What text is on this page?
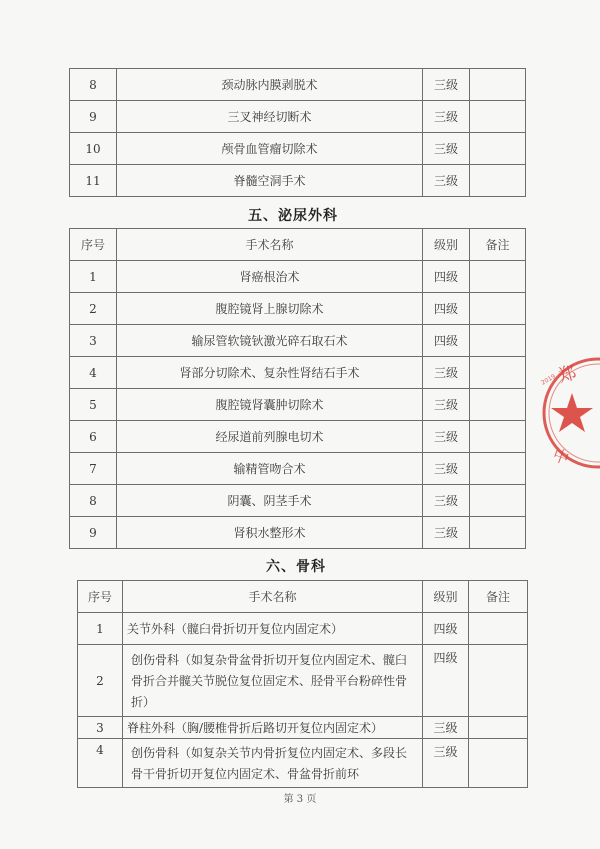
8	颈动脉内膜剥脱术	三级	
9	三叉神经切断术	三级	
10	颅骨血管瘤切除术	三级	
11	脊髓空洞手术	三级	
五、泌尿外科
序号	手术名称	级别	备注
1	肾癌根治术	四级	
2	腹腔镜肾上腺切除术	四级	
3	输尿管软镜钬激光碎石取石术	四级	
4	肾部分切除术、复杂性肾结石手术	三级	
5	腹腔镜肾囊肿切除术	三级	
6	经尿道前列腺电切术	三级	
7	输精管吻合术	三级	
8	阴囊、阴茎手术	三级	
9	肾积水整形术	三级	
六、骨科
序号	手术名称	级别	备注
1	关节外科（髋臼骨折切开复位内固定术）	四级	
2	创伤骨科（如复杂骨盆骨折切开复位内固定术、髋臼骨折合并髋关节脱位复位固定术、胫骨平台粉碎性骨折）	四级	
3	脊柱外科（胸/腰椎骨折后路切开复位内固定术）	三级	
4	创伤骨科（如复杂关节内骨折复位内固定术、多段长骨干骨折切开复位内固定术、骨盆骨折前环	三级	
第 3 页
郑
中
2019
